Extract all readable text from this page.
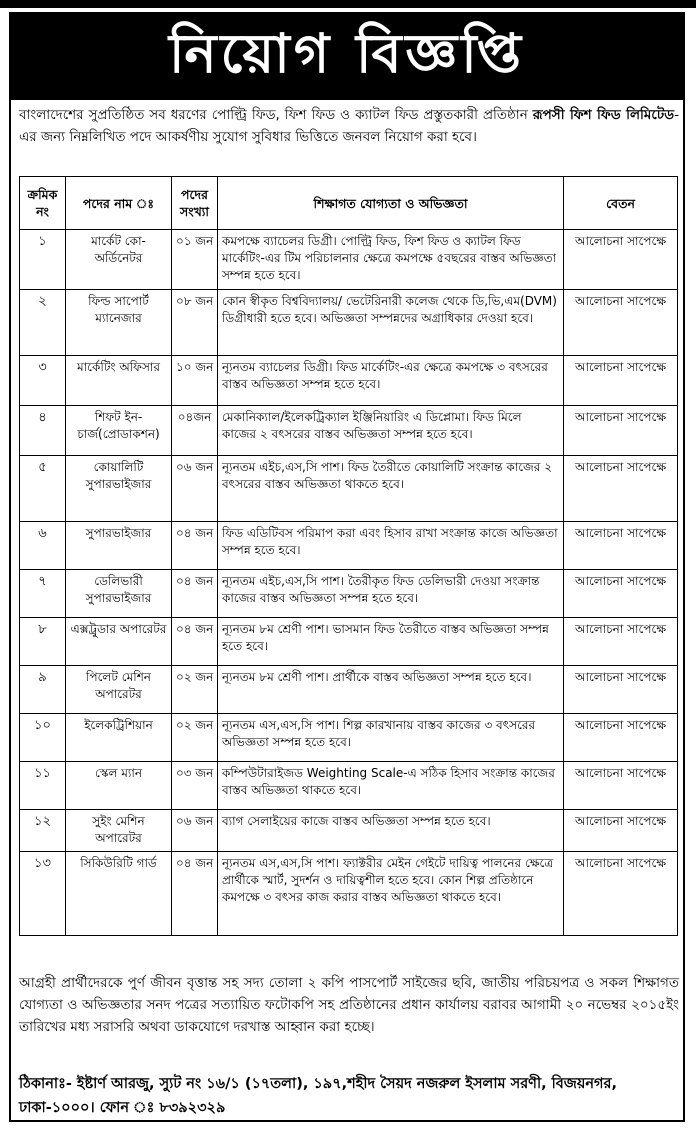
নিয়োগ বিজ্ঞপ্তি
বাংলাদেশের সুপ্রতিষ্ঠিত সব ধরণের পোল্ট্রি ফিড, ফিশ ফিড ও ক্যাটল ফিড প্রস্তুতকারী প্রতিষ্ঠান রূপসী ফিশ ফিড লিমিটেড-এর জন্য নিম্নলিখিত পদে আকর্ষণীয় সুযোগ সুবিধার ভিত্তিতে জনবল নিয়োগ করা হবে।
ক্রমিক নং	পদের নাম ঃ	পদের সংখ্যা	শিক্ষাগত যোগ্যতা ও অভিজ্ঞতা	বেতন
১	মার্কেট কো-অর্ডিনেটর	০১ জন	কমপক্ষে ব্যাচেলর ডিগ্রী। পোল্ট্রি ফিড, ফিশ ফিড ও ক্যাটল ফিড মার্কেটিং-এর টিম পরিচালনার ক্ষেত্রে কমপক্ষে ৫বছরের বাস্তব অভিজ্ঞতা সম্পন্ন হতে হবে।	আলোচনা সাপেক্ষে
২	ফিল্ড সাপোর্ট ম্যানেজার	০৮ জন	কোন স্বীকৃত বিশ্ববিদ্যালয়/ ভেটেরিনারী কলেজ থেকে ডি,ভি,এম(DVM) ডিগ্রীধারী হতে হবে। অভিজ্ঞতা সম্পন্নদের অগ্রাধিকার দেওয়া হবে।	আলোচনা সাপেক্ষে
৩	মার্কেটিং অফিসার	১০ জন	ন্যূনতম ব্যাচেলর ডিগ্রী। ফিড মার্কেটিং-এর ক্ষেত্রে কমপক্ষে ৩ বৎসরের বাস্তব অভিজ্ঞতা সম্পন্ন হতে হবে।	আলোচনা সাপেক্ষে
৪	শিফট ইন-চার্জ(প্রোডাকশন)	০৪জন	মেকানিক্যাল/ইলেকট্রিক্যাল ইঞ্জিনিয়ারিং এ ডিপ্লোমা। ফিড মিলে কাজের ২ বৎসরের বাস্তব অভিজ্ঞতা সম্পন্ন হতে হবে।	আলোচনা সাপেক্ষে
৫	কোয়ালিটি সুপারভাইজার	০৬ জন	ন্যূনতম এইচ,এস,সি পাশ। ফিড তৈরীতে কোয়ালিটি সংক্রান্ত কাজের ২ বৎসরের বাস্তব অভিজ্ঞতা থাকতে হবে।	আলোচনা সাপেক্ষে
৬	সুপারভাইজার	০৪ জন	ফিড এডিটিবস পরিমাপ করা এবং হিসাব রাখা সংক্রান্ত কাজে অভিজ্ঞতা সম্পন্ন হতে হবে।	আলোচনা সাপেক্ষে
৭	ডেলিভারী সুপারভাইজার	০৪ জন	ন্যূনতম এইচ,এস,সি পাশ। তৈরীকৃত ফিড ডেলিভারী দেওয়া সংক্রান্ত কাজের বাস্তব অভিজ্ঞতা সম্পন্ন হতে হবে।	আলোচনা সাপেক্ষে
৮	এক্সট্রুডার অপারেটর	০৪ জন	ন্যূনতম ৮ম শ্রেণী পাশ। ভাসমান ফিড তৈরীতে বাস্তব অভিজ্ঞতা সম্পন্ন হতে হবে।	আলোচনা সাপেক্ষে
৯	পিলেট মেশিন অপারেটর	০২ জন	ন্যূনতম ৮ম শ্রেণী পাশ। প্রার্থীকে বাস্তব অভিজ্ঞতা সম্পন্ন হতে হবে।	আলোচনা সাপেক্ষে
১০	ইলেকট্রিশিয়ান	০২ জন	ন্যূনতম এস,এস,সি পাশ। শিল্প কারখানায় বাস্তব কাজের ৩ বৎসরের অভিজ্ঞতা সম্পন্ন হতে হবে।	আলোচনা সাপেক্ষে
১১	স্কেল ম্যান	০৩ জন	কম্পিউটারাইজড Weighting Scale-এ সঠিক হিসাব সংক্রান্ত কাজের বাস্তব অভিজ্ঞতা থাকতে হবে।	আলোচনা সাপেক্ষে
১২	সুইং মেশিন অপারেটর	০৬ জন	ব্যাগ সেলাইয়ের কাজে বাস্তব অভিজ্ঞতা সম্পন্ন হতে হবে।	আলোচনা সাপেক্ষে
১৩	সিকিউরিটি গার্ড	০৪ জন	ন্যূনতম এস,এস,সি পাশ। ফ্যাক্টরীর মেইন গেইটে দায়িত্ব পালনের ক্ষেত্রে প্রার্থীকে স্মার্ট, সুদর্শন ও দায়িত্বশীল হতে হবে। কোন শিল্প প্রতিষ্ঠানে কমপক্ষে ৩ বৎসর কাজ করার বাস্তব অভিজ্ঞতা থাকতে হবে।	আলোচনা সাপেক্ষে
আগ্রহী প্রার্থীদেরকে পুর্ণ জীবন বৃত্তান্ত সহ সদ্য তোলা ২ কপি পাসপোর্ট সাইজের ছবি, জাতীয় পরিচয়পত্র ও সকল শিক্ষাগত যোগ্যতা ও অভিজ্ঞতার সনদ পত্রের সত্যায়িত ফটোকপি সহ প্রতিষ্ঠানের প্রধান কার্যালয় বরাবর আগামী ২০ নভেম্বর ২০১৫ইং তারিখের মধ্য সরাসরি অথবা ডাকযোগে দরখাস্ত আহ্বান করা হচ্ছে।
ঠিকানাঃ- ইষ্টার্ণ আরজু, স্যুট নং ১৬/১ (১৭তলা), ১৯৭,শহীদ সৈয়দ নজরুল ইসলাম সরণী, বিজয়নগর, ঢাকা-১০০০। ফোন ঃ ৮৩৯২৩২৯
